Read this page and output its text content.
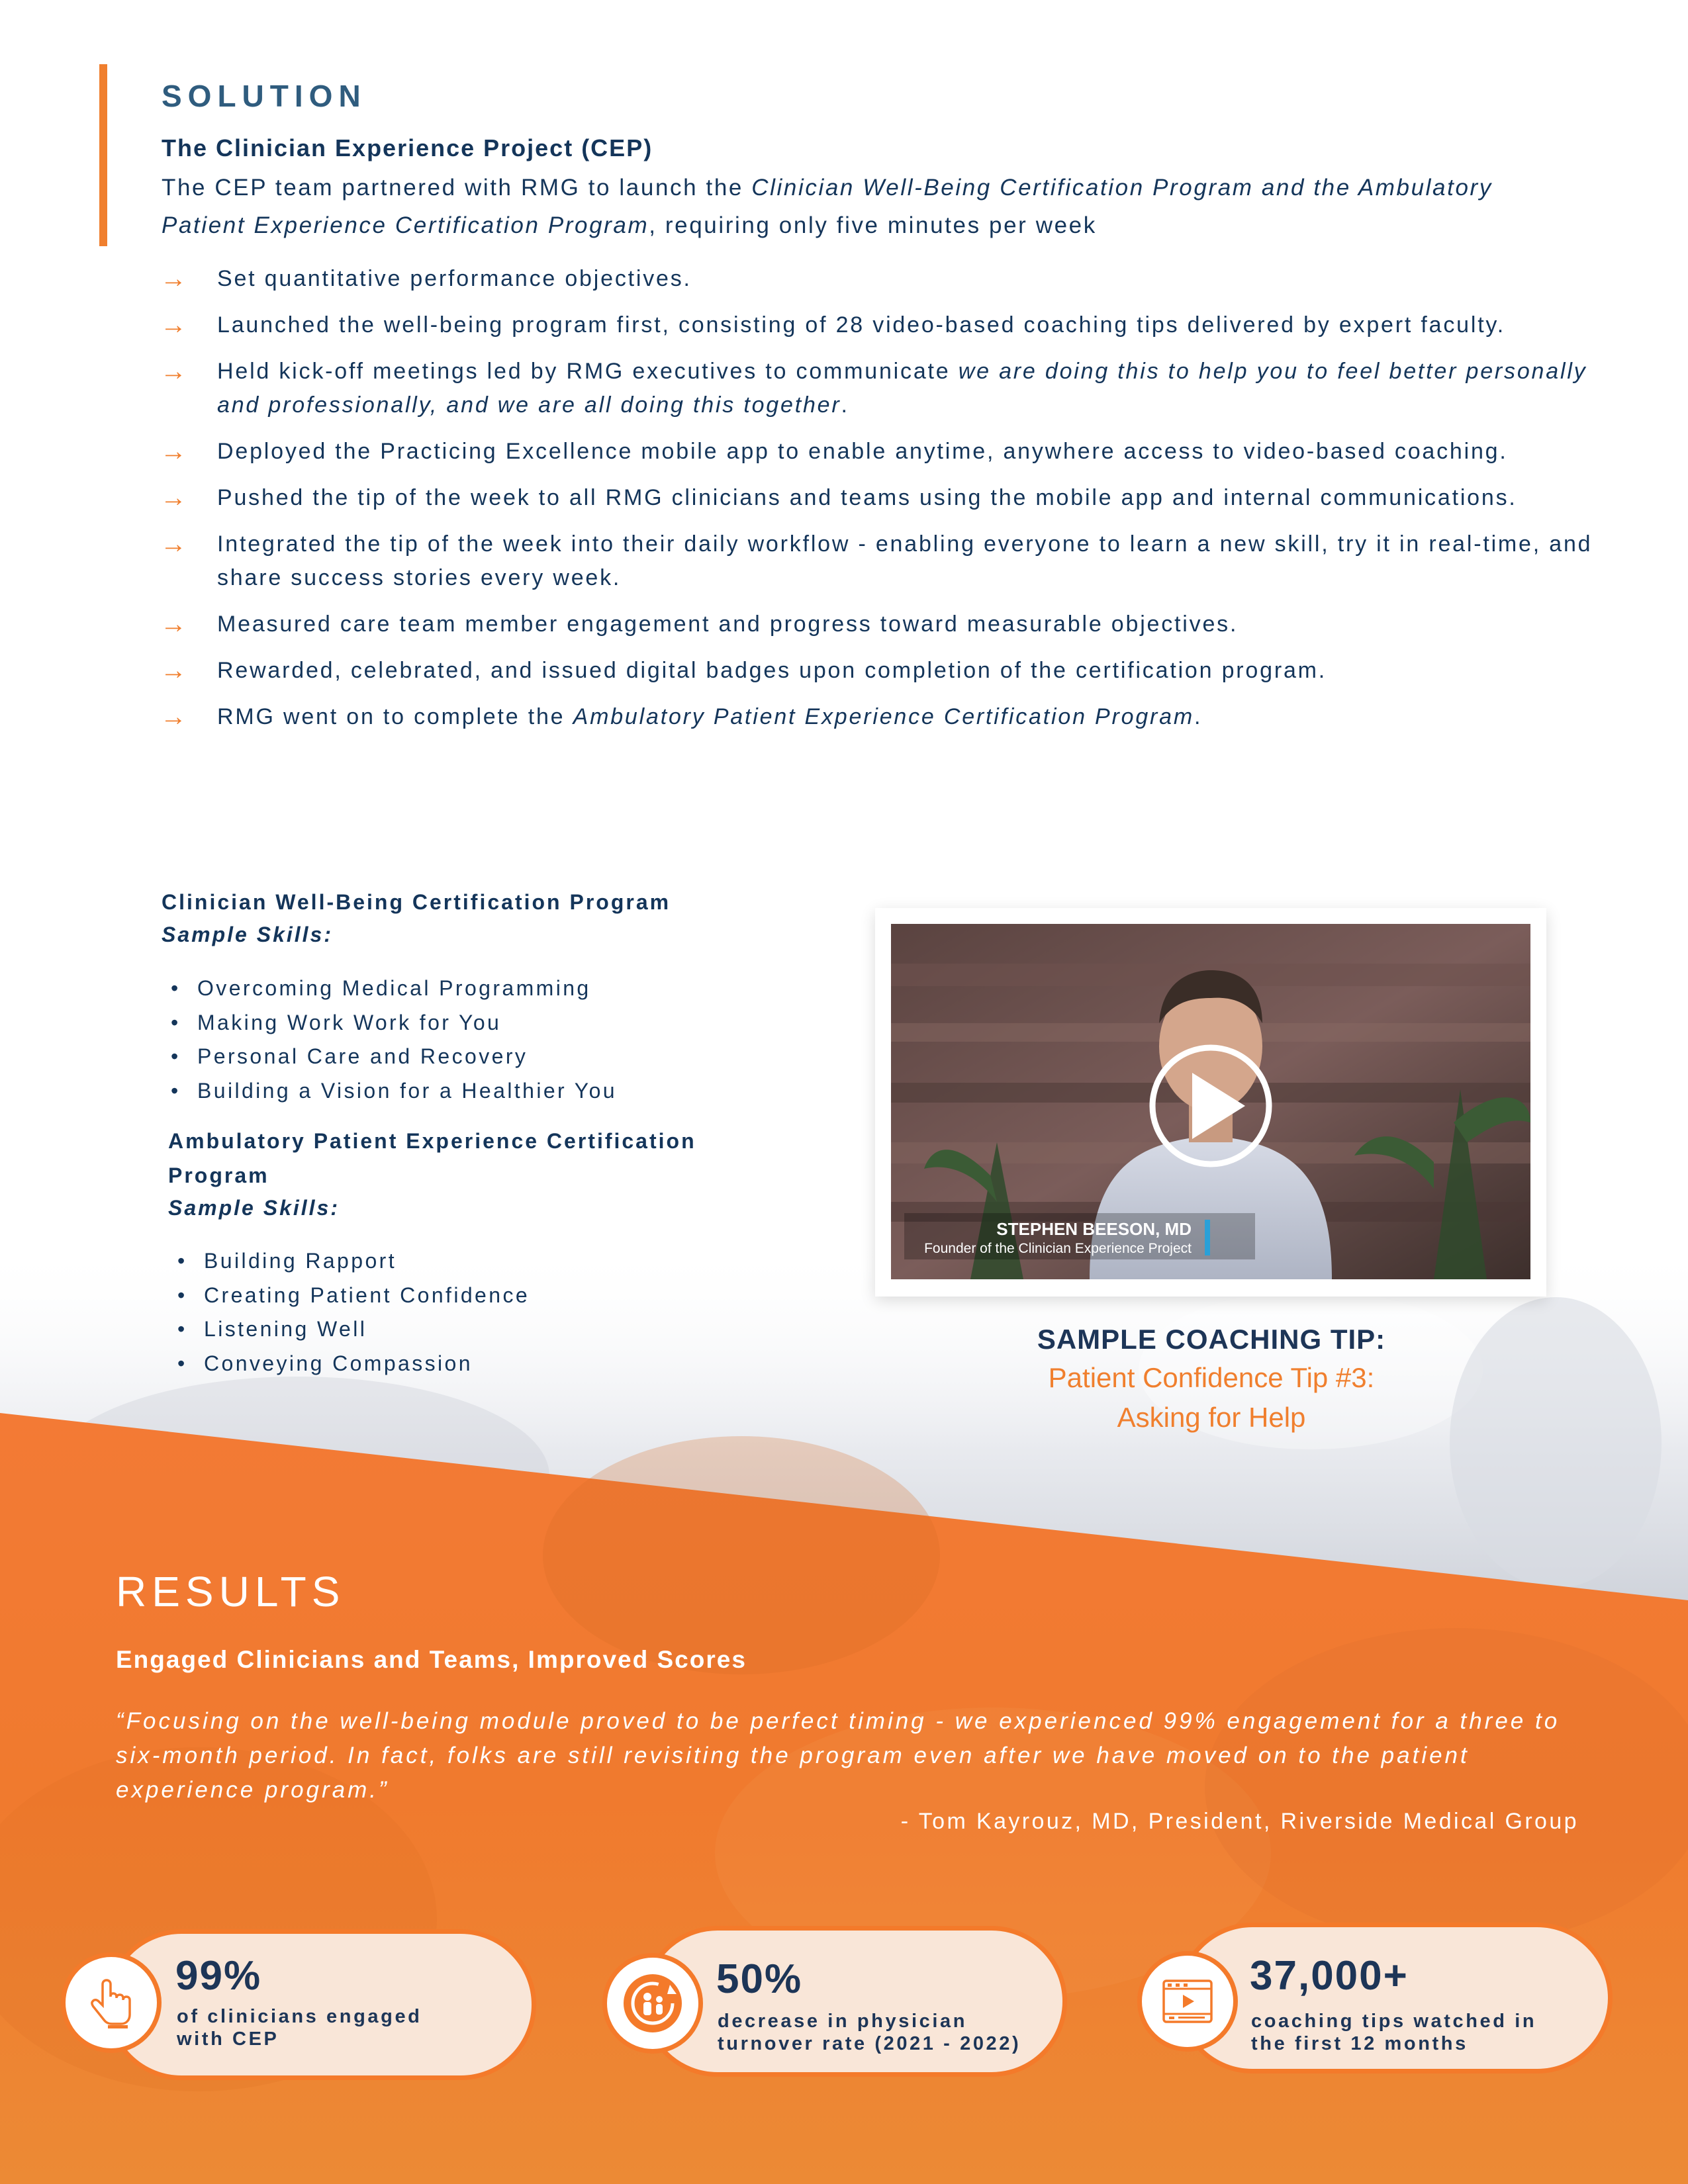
SOLUTION
The Clinician Experience Project (CEP)

The CEP team partnered with RMG to launch the Clinician Well-Being Certification Program and the Ambulatory Patient Experience Certification Program, requiring only five minutes per week

→ Set quantitative performance objectives.
→ Launched the well-being program first, consisting of 28 video-based coaching tips delivered by expert faculty.
→ Held kick-off meetings led by RMG executives to communicate we are doing this to help you to feel better personally and professionally, and we are all doing this together.
→ Deployed the Practicing Excellence mobile app to enable anytime, anywhere access to video-based coaching.
→ Pushed the tip of the week to all RMG clinicians and teams using the mobile app and internal communications.
→ Integrated the tip of the week into their daily workflow - enabling everyone to learn a new skill, try it in real-time, and share success stories every week.
→ Measured care team member engagement and progress toward measurable objectives.
→ Rewarded, celebrated, and issued digital badges upon completion of the certification program.
→ RMG went on to complete the Ambulatory Patient Experience Certification Program.

Clinician Well-Being Certification Program

Sample Skills:
• Overcoming Medical Programming
• Making Work Work for You
• Personal Care and Recovery
• Building a Vision for a Healthier You

Ambulatory Patient Experience Certification Program

Sample Skills:
• Building Rapport
• Creating Patient Confidence
• Listening Well
• Conveying Compassion
STEPHEN BEESON, MD
Founder of the Clinician Experience Project
SAMPLE COACHING TIP:
Patient Confidence Tip #3:
Asking for Help
RESULTS
Engaged Clinicians and Teams, Improved Scores

“Focusing on the well-being module proved to be perfect timing - we experienced 99% engagement for a three to six-month period. In fact, folks are still revisiting the program even after we have moved on to the patient experience program.”

- Tom Kayrouz, MD, President, Riverside Medical Group
99%

of clinicians engaged
with CEP

50%

decrease in physician
turnover rate (2021 - 2022)

37,000+

coaching tips watched in
the first 12 months
